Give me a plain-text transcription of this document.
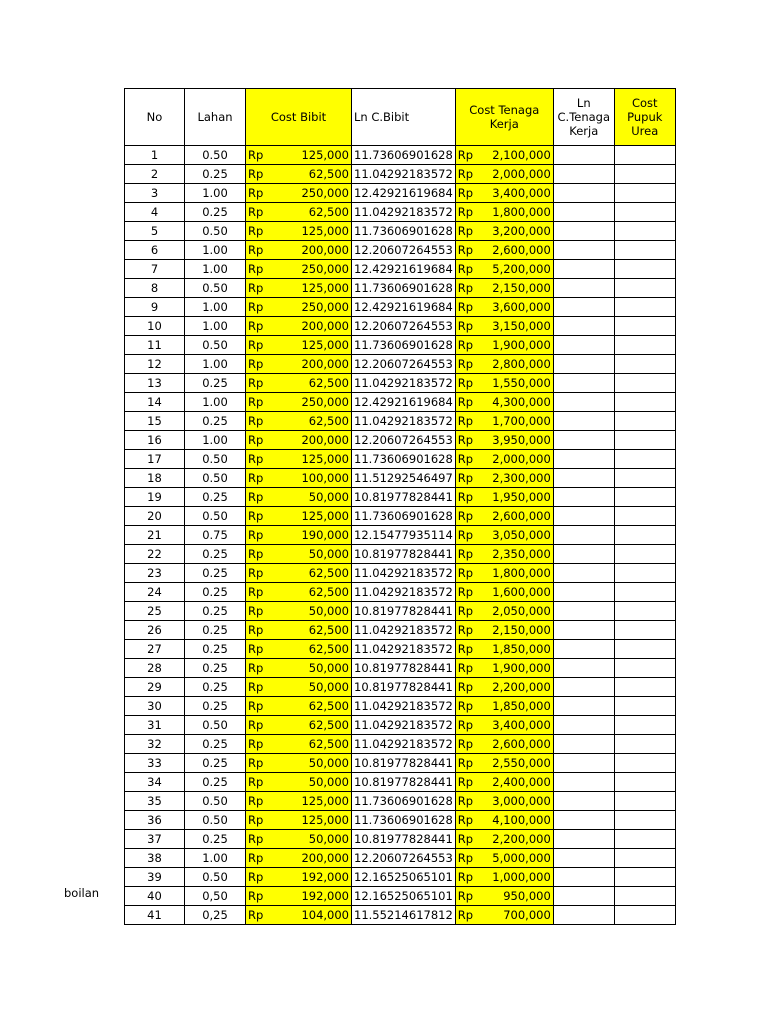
No	Lahan	Cost Bibit	Ln C.Bibit	Cost Tenaga Kerja	Ln C.Tenaga Kerja	Cost Pupuk Urea
1	0.50	Rp 125,000	11.73606901628	Rp 2,100,000		

2	0.25	Rp 62,500	11.04292183572	Rp 2,000,000		

3	1.00	Rp 250,000	12.42921619684	Rp 3,400,000		

4	0.25	Rp 62,500	11.04292183572	Rp 1,800,000		

5	0.50	Rp 125,000	11.73606901628	Rp 3,200,000		

6	1.00	Rp 200,000	12.20607264553	Rp 2,600,000		

7	1.00	Rp 250,000	12.42921619684	Rp 5,200,000		

8	0.50	Rp 125,000	11.73606901628	Rp 2,150,000		

9	1.00	Rp 250,000	12.42921619684	Rp 3,600,000		

10	1.00	Rp 200,000	12.20607264553	Rp 3,150,000		

11	0.50	Rp 125,000	11.73606901628	Rp 1,900,000		

12	1.00	Rp 200,000	12.20607264553	Rp 2,800,000		

13	0.25	Rp 62,500	11.04292183572	Rp 1,550,000		

14	1.00	Rp 250,000	12.42921619684	Rp 4,300,000		

15	0.25	Rp 62,500	11.04292183572	Rp 1,700,000		

16	1.00	Rp 200,000	12.20607264553	Rp 3,950,000		

17	0.50	Rp 125,000	11.73606901628	Rp 2,000,000		

18	0.50	Rp 100,000	11.51292546497	Rp 2,300,000		

19	0.25	Rp 50,000	10.81977828441	Rp 1,950,000		

20	0.50	Rp 125,000	11.73606901628	Rp 2,600,000		

21	0.75	Rp 190,000	12.15477935114	Rp 3,050,000		

22	0.25	Rp 50,000	10.81977828441	Rp 2,350,000		

23	0.25	Rp 62,500	11.04292183572	Rp 1,800,000		

24	0.25	Rp 62,500	11.04292183572	Rp 1,600,000		

25	0.25	Rp 50,000	10.81977828441	Rp 2,050,000		

26	0.25	Rp 62,500	11.04292183572	Rp 2,150,000		

27	0.25	Rp 62,500	11.04292183572	Rp 1,850,000		

28	0.25	Rp 50,000	10.81977828441	Rp 1,900,000		

29	0.25	Rp 50,000	10.81977828441	Rp 2,200,000		

30	0.25	Rp 62,500	11.04292183572	Rp 1,850,000		

31	0.50	Rp 62,500	11.04292183572	Rp 3,400,000		

32	0.25	Rp 62,500	11.04292183572	Rp 2,600,000		

33	0.25	Rp 50,000	10.81977828441	Rp 2,550,000		

34	0.25	Rp 50,000	10.81977828441	Rp 2,400,000		

35	0.50	Rp 125,000	11.73606901628	Rp 3,000,000		

36	0.50	Rp 125,000	11.73606901628	Rp 4,100,000		

37	0.25	Rp 50,000	10.81977828441	Rp 2,200,000		

38	1.00	Rp 200,000	12.20607264553	Rp 5,000,000		

39	0.50	Rp 192,000	12.16525065101	Rp 1,000,000		

40	0,50	Rp 192,000	12.16525065101	Rp 950,000		

41	0,25	Rp 104,000	11.55214617812	Rp 700,000		

boilan
